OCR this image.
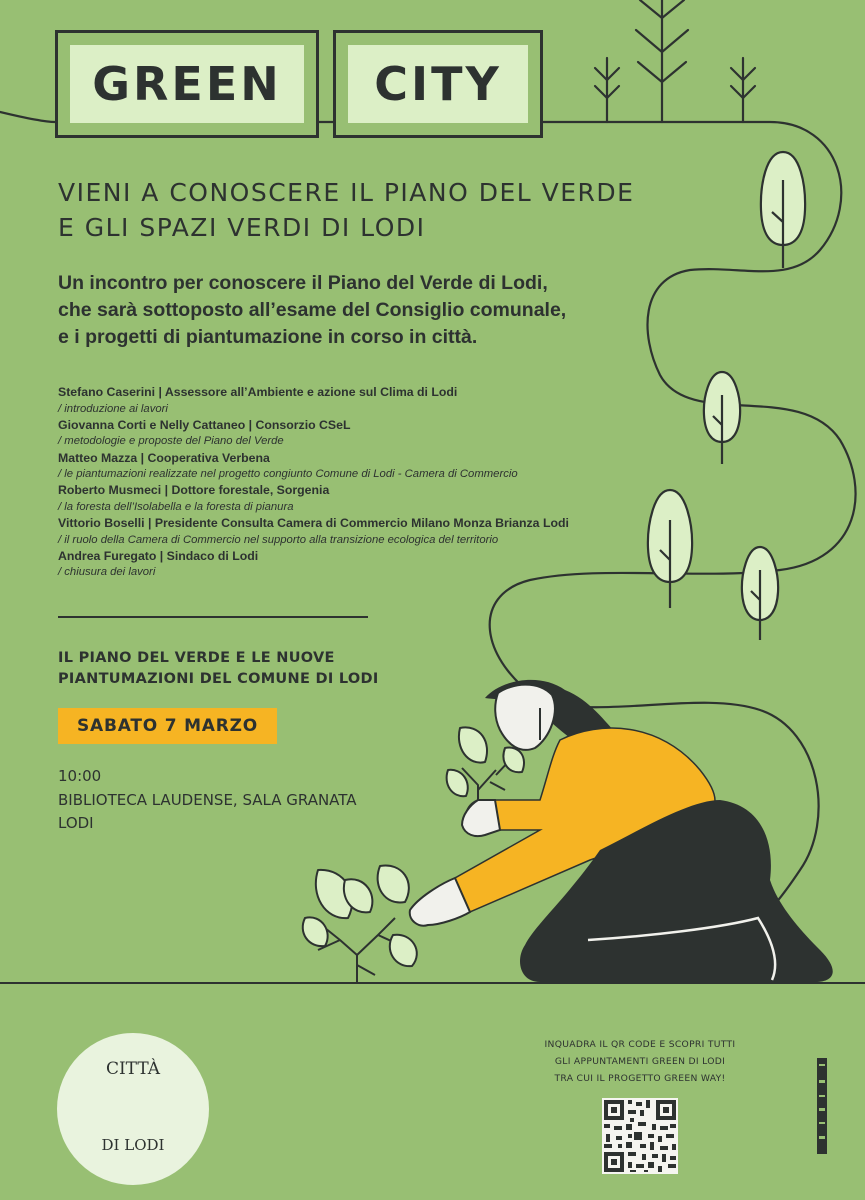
GREEN	CITY
VIENI A CONOSCERE IL PIANO DEL VERDE
E GLI SPAZI VERDI DI LODI
Un incontro per conoscere il Piano del Verde di Lodi,
che sarà sottoposto all’esame del Consiglio comunale,
e i progetti di piantumazione in corso in città.
Stefano Caserini | Assessore all’Ambiente e azione sul Clima di Lodi
/ introduzione ai lavori
Giovanna Corti e Nelly Cattaneo | Consorzio CSeL
/ metodologie e proposte del Piano del Verde
Matteo Mazza | Cooperativa Verbena
/ le piantumazioni realizzate nel progetto congiunto Comune di Lodi - Camera di Commercio
Roberto Musmeci | Dottore forestale, Sorgenia
/ la foresta dell’Isolabella e la foresta di pianura
Vittorio Boselli | Presidente Consulta Camera di Commercio Milano Monza Brianza Lodi
/ il ruolo della Camera di Commercio nel supporto alla transizione ecologica del territorio
Andrea Furegato | Sindaco di Lodi
/ chiusura dei lavori
IL PIANO DEL VERDE E LE NUOVE
PIANTUMAZIONI DEL COMUNE DI LODI
SABATO 7 MARZO
10:00
BIBLIOTECA LAUDENSE, SALA GRANATA
LODI
CITTÀ
DI LODI
INQUADRA IL QR CODE E SCOPRI TUTTI
GLI APPUNTAMENTI GREEN DI LODI
TRA CUI IL PROGETTO GREEN WAY!
